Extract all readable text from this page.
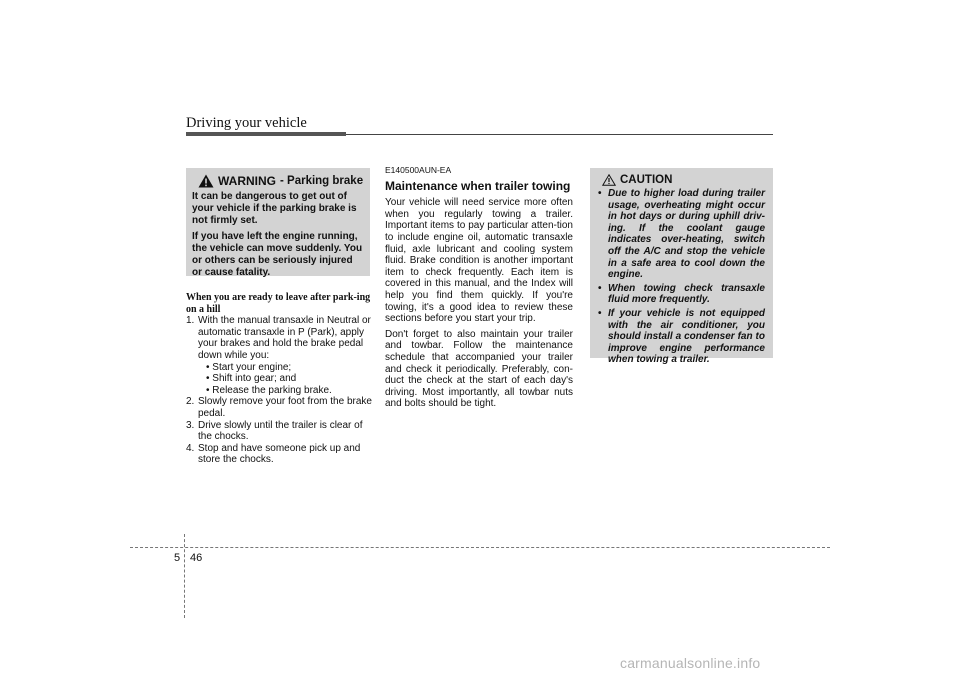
Driving your vehicle
WARNING - Parking brake

It can be dangerous to get out of your vehicle if the parking brake is not firmly set.

If you have left the engine running, the vehicle can move suddenly. You or others can be seriously injured or cause fatality.

When you are ready to leave after park-ing on a hill
1. With the manual transaxle in Neutral or automatic transaxle in P (Park), apply your brakes and hold the brake pedal down while you:
• Start your engine;
• Shift into gear; and
• Release the parking brake.
2. Slowly remove your foot from the brake pedal.
3. Drive slowly until the trailer is clear of the chocks.
4. Stop and have someone pick up and store the chocks.
E140500AUN-EA
Maintenance when trailer towing

Your vehicle will need service more often when you regularly towing a trailer. Important items to pay particular atten-tion to include engine oil, automatic transaxle fluid, axle lubricant and cooling system fluid. Brake condition is another important item to check frequently. Each item is covered in this manual, and the Index will help you find them quickly. If you're towing, it's a good idea to review these sections before you start your trip.

Don't forget to also maintain your trailer and towbar. Follow the maintenance schedule that accompanied your trailer and check it periodically. Preferably, con-duct the check at the start of each day's driving. Most importantly, all towbar nuts and bolts should be tight.

CAUTION
• Due to higher load during trailer usage, overheating might occur in hot days or during uphill driv-ing. If the coolant gauge indicates over-heating, switch off the A/C and stop the vehicle in a safe area to cool down the engine.
• When towing check transaxle fluid more frequently.
• If your vehicle is not equipped with the air conditioner, you should install a condenser fan to improve engine performance when towing a trailer.
5 46
carmanualsonline.info
